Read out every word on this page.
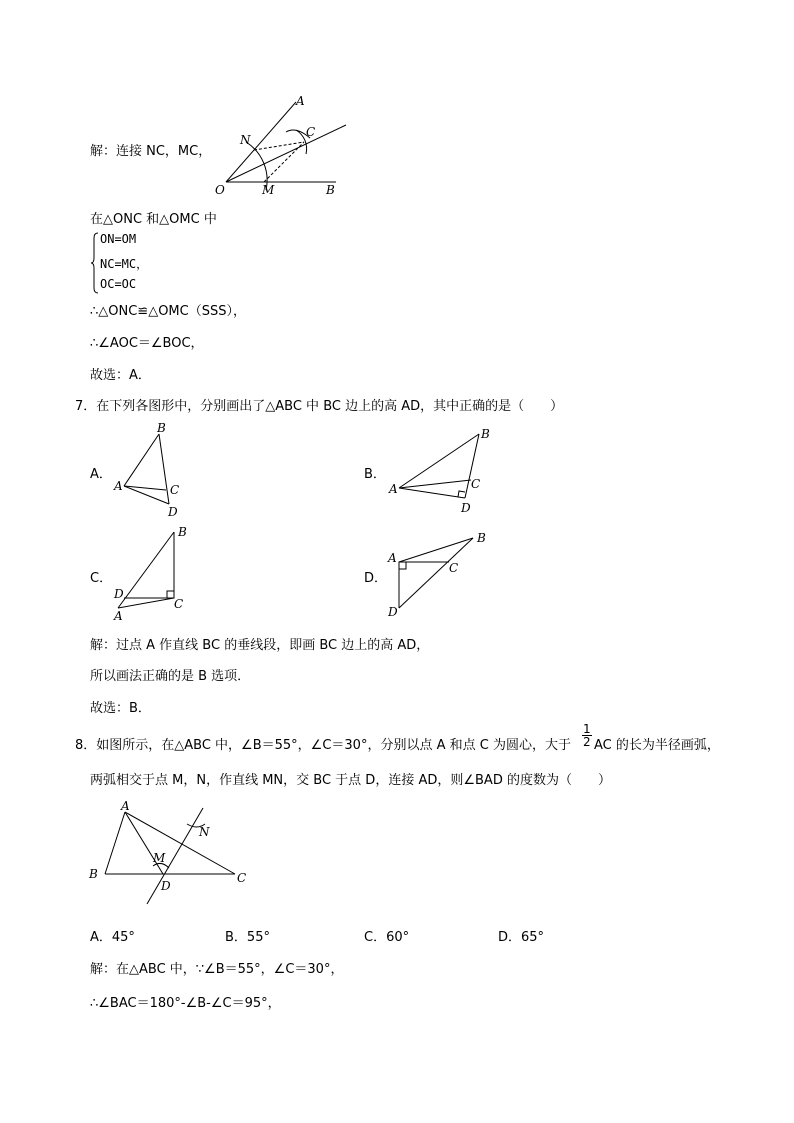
解：连接 NC，MC，
A
C
N
O	M	B
在△ONC 和△OMC 中
ON=OM
NC=MC，
OC=OC
∴△ONC≌△OMC（SSS），
∴∠AOC＝∠BOC，
故选：A．
7．在下列各图形中，分别画出了△ABC 中 BC 边上的高 AD，其中正确的是（　　）
A．
B
A	C
D
B．
B
A	C
D
C．
B
D
C
A
D．
B
A
C
D
解：过点 A 作直线 BC 的垂线段，即画 BC 边上的高 AD，
所以画法正确的是 B 选项．
故选：B．
8．如图所示，在△ABC 中，∠B＝55°，∠C＝30°，分别以点 A 和点 C 为圆心，大于 $\frac{1}{2}$ AC 的长为半径画弧，
两弧相交于点 M，N，作直线 MN，交 BC 于点 D，连接 AD，则∠BAD 的度数为（　　）
A
B	C
D
M
N
A．45°	B．55°	C．60°	D．65°
解：在△ABC 中，∵∠B＝55°，∠C＝30°，
∴∠BAC＝180°-∠B-∠C＝95°，
